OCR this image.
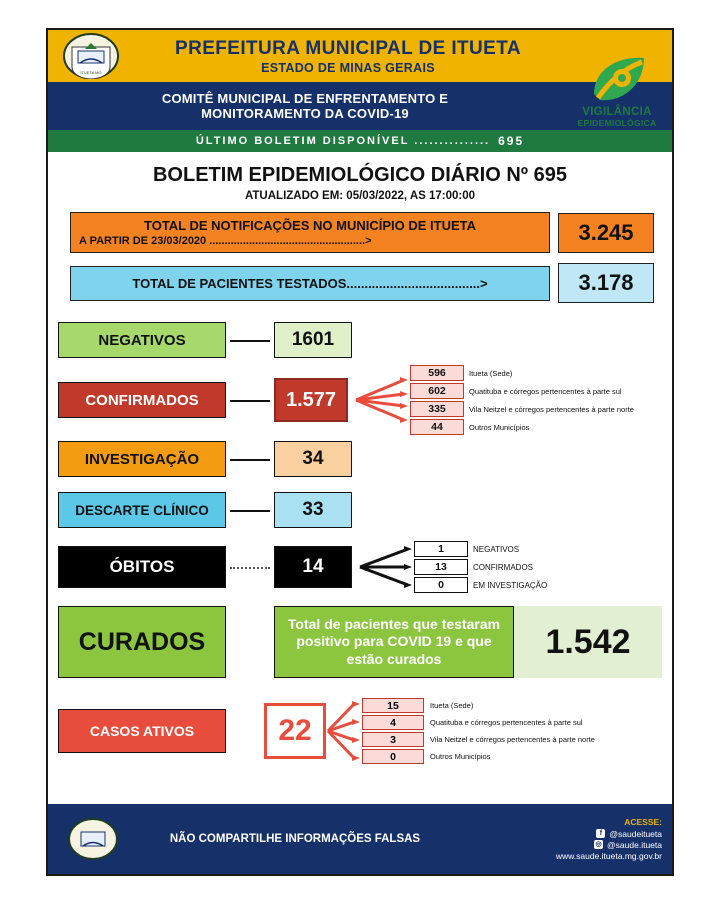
ITUETA MG
PREFEITURA MUNICIPAL DE ITUETA
ESTADO DE MINAS GERAIS
COMITÊ MUNICIPAL DE ENFRENTAMENTO E
MONITORAMENTO DA COVID-19	VIGILÂNCIA
EPIDEMIOLÓGICA
ÚLTIMO BOLETIM DISPONÍVEL ............... 695
BOLETIM EPIDEMIOLÓGICO DIÁRIO Nº 695
ATUALIZADO EM: 05/03/2022, AS 17:00:00
TOTAL DE NOTIFICAÇÕES NO MUNICÍPIO DE ITUETA
A PARTIR DE 23/03/2020 ...................................................>	3.245
TOTAL DE PACIENTES TESTADOS.....................................>	3.178
NEGATIVOS	1601
CONFIRMADOS	1.577
596	Itueta (Sede)
602	Quatituba e córregos pertencentes à parte sul
335	Vila Neitzel e córregos pertencentes à parte norte
44	Outros Municípios
INVESTIGAÇÃO	34
DESCARTE CLÍNICO	33
ÓBITOS	14
1	NEGATIVOS
13	CONFIRMADOS
0	EM INVESTIGAÇÃO
CURADOS
Total de pacientes que testaram positivo para COVID 19 e que estão curados	1.542
CASOS ATIVOS	22
15	Itueta (Sede)
4	Quatituba e córregos pertencentes à parte sul
3	Vila Neitzel e córregos pertencentes à parte norte
0	Outros Municípios
NÃO COMPARTILHE INFORMAÇÕES FALSAS
ACESSE:
f @saudeitueta
◎ @saude.itueta
www.saude.itueta.mg.gov.br
